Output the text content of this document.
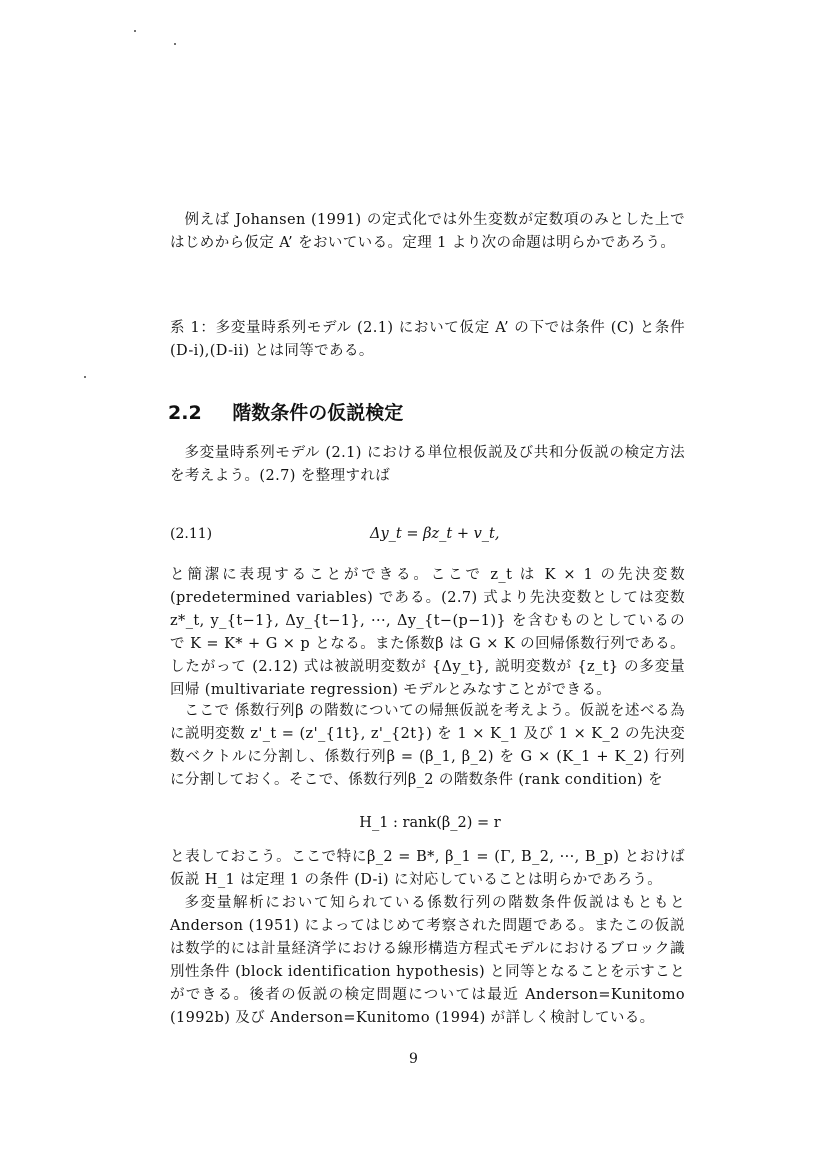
例えば Johansen (1991) の定式化では外生変数が定数項のみとした上ではじめから仮定 A’ をおいている。定理 1 より次の命題は明らかであろう。
系 1：多変量時系列モデル (2.1) において仮定 A’ の下では条件 (C) と条件 (D-i),(D-ii) とは同等である。
2.2 階数条件の仮説検定
多変量時系列モデル (2.1) における単位根仮説及び共和分仮説の検定方法を考えよう。(2.7) を整理すれば
(2.11)	Δy_t = βz_t + v_t,
と簡潔に表現することができる。ここで z_t は K × 1 の先決変数 (predetermined variables) である。(2.7) 式より先決変数としては変数 z*_t, y_{t−1}, Δy_{t−1}, ···, Δy_{t−(p−1)} を含むものとしているので K = K* + G × p となる。また係数β は G × K の回帰係数行列である。したがって (2.12) 式は被説明変数が {Δy_t}, 説明変数が {z_t} の多変量回帰 (multivariate regression) モデルとみなすことができる。
ここで 係数行列β の階数についての帰無仮説を考えよう。仮説を述べる為に説明変数 z'_t = (z'_{1t}, z'_{2t}) を 1 × K_1 及び 1 × K_2 の先決変数ベクトルに分割し、係数行列β = (β_1, β_2) を G × (K_1 + K_2) 行列に分割しておく。そこで、係数行列β_2 の階数条件 (rank condition) を
H_1 : rank(β_2) = r
と表しておこう。ここで特にβ_2 = B*, β_1 = (Γ, B_2, ···, B_p) とおけば仮説 H_1 は定理 1 の条件 (D-i) に対応していることは明らかであろう。
多変量解析において知られている係数行列の階数条件仮説はもともと Anderson (1951) によってはじめて考察された問題である。またこの仮説は数学的には計量経済学における線形構造方程式モデルにおけるブロック識別性条件 (block identification hypothesis) と同等となることを示すことができる。後者の仮説の検定問題については最近 Anderson=Kunitomo (1992b) 及び Anderson=Kunitomo (1994) が詳しく検討している。
9
